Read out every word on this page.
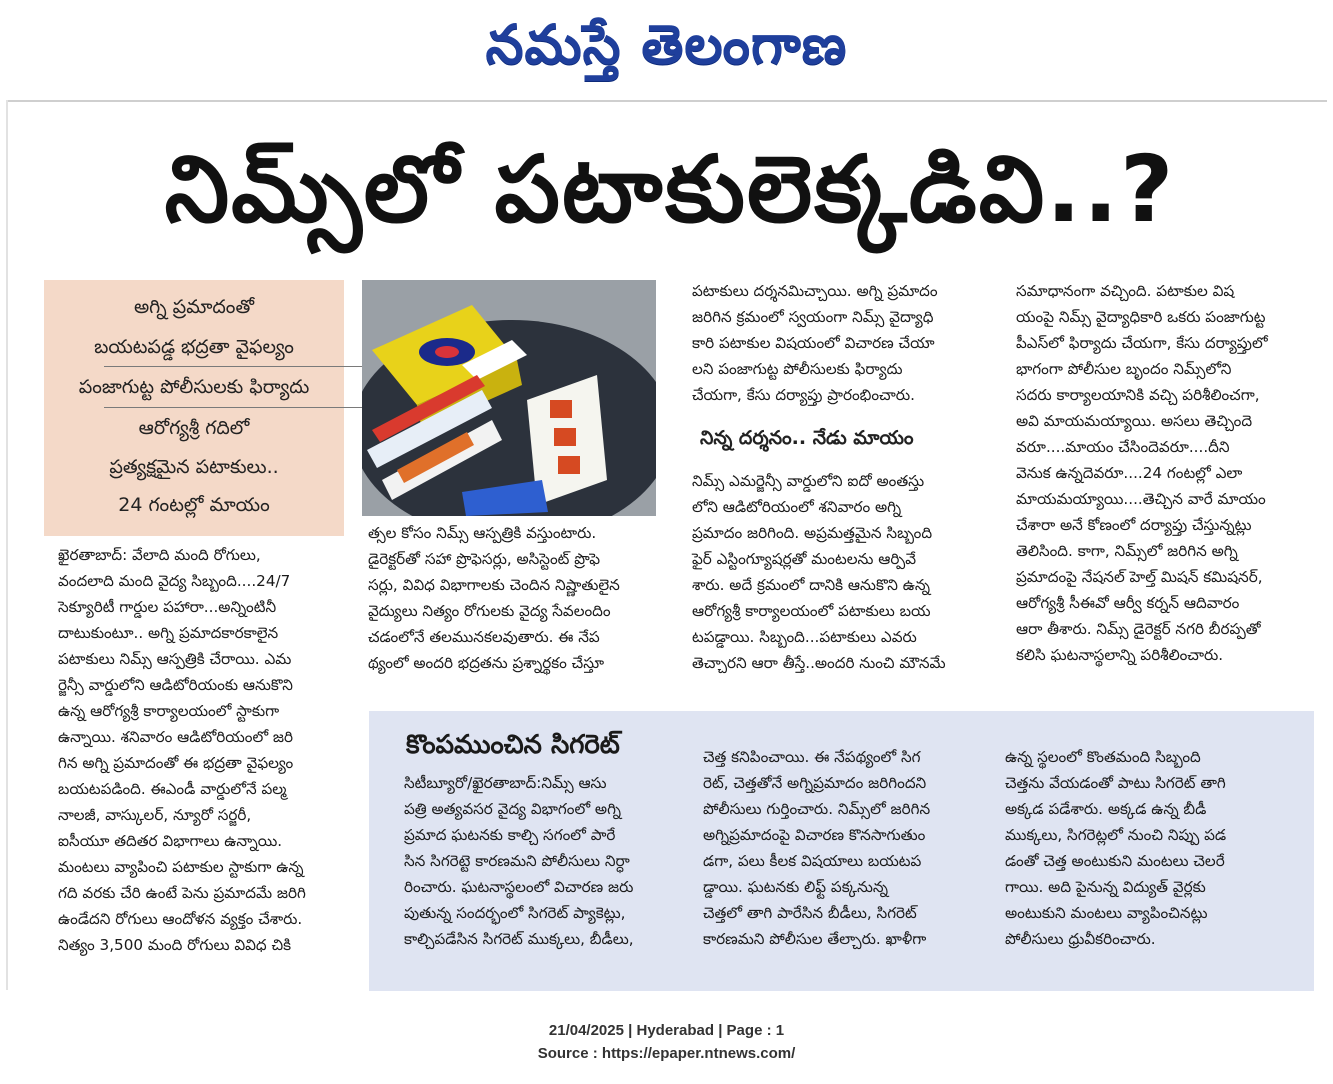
నమస్తే తెలంగాణ
నిమ్స్‌లో పటాకులెక్కడివి..?
అగ్ని ప్రమాదంతో
బయటపడ్డ భద్రతా వైఫల్యం
పంజాగుట్ట పోలీసులకు ఫిర్యాదు
ఆరోగ్యశ్రీ గదిలో
ప్రత్యక్షమైన పటాకులు..
24 గంటల్లో మాయం
ఖైరతాబాద్: వేలాది మంది రోగులు,
వందలాది మంది వైద్య సిబ్బంది....24/7
సెక్యూరిటీ గార్డుల పహారా...అన్నింటినీ
దాటుకుంటూ.. అగ్ని ప్రమాదకారకాలైన
పటాకులు నిమ్స్ ఆస్పత్రికి చేరాయి. ఎమ
ర్జెన్సీ వార్డులోని ఆడిటోరియంకు ఆనుకొని
ఉన్న ఆరోగ్యశ్రీ కార్యాలయంలో స్టాకుగా
ఉన్నాయి. శనివారం ఆడిటోరియంలో జరి
గిన అగ్ని ప్రమాదంతో ఈ భద్రతా వైఫల్యం
బయటపడింది. ఈఎండీ వార్డులోనే పల్మ
నాలజీ, వాస్కులర్, న్యూరో సర్జరీ,
ఐసీయూ తదితర విభాగాలు ఉన్నాయి.
మంటలు వ్యాపించి పటాకుల స్టాకుగా ఉన్న
గది వరకు చేరి ఉంటే పెను ప్రమాదమే జరిగి
ఉండేదని రోగులు ఆందోళన వ్యక్తం చేశారు.
నిత్యం 3,500 మంది రోగులు వివిధ చికి
త్సల కోసం నిమ్స్ ఆస్పత్రికి వస్తుంటారు.
డైరెక్టర్‌తో సహా ప్రొఫెసర్లు, అసిస్టెంట్ ప్రొఫె
సర్లు, వివిధ విభాగాలకు చెందిన నిష్ణాతులైన
వైద్యులు నిత్యం రోగులకు వైద్య సేవలందిం
చడంలోనే తలమునకలవుతారు. ఈ నేప
థ్యంలో అందరి భద్రతను ప్రశ్నార్థకం చేస్తూ
పటాకులు దర్శనమిచ్చాయి. అగ్ని ప్రమాదం
జరిగిన క్రమంలో స్వయంగా నిమ్స్ వైద్యాధి
కారి పటాకుల విషయంలో విచారణ చేయా
లని పంజాగుట్ట పోలీసులకు ఫిర్యాదు
చేయగా, కేసు దర్యాప్తు ప్రారంభించారు.
నిన్న దర్శనం.. నేడు మాయం
నిమ్స్ ఎమర్జెన్సీ వార్డులోని ఐదో అంతస్తు
లోని ఆడిటోరియంలో శనివారం అగ్ని
ప్రమాదం జరిగింది. అప్రమత్తమైన సిబ్బంది
ఫైర్ ఎస్టింగ్యూషర్లతో మంటలను ఆర్పివే
శారు. అదే క్రమంలో దానికి ఆనుకొని ఉన్న
ఆరోగ్యశ్రీ కార్యాలయంలో పటాకులు బయ
టపడ్డాయి. సిబ్బంది...పటాకులు ఎవరు
తెచ్చారని ఆరా తీస్తే..అందరి నుంచి మౌనమే
సమాధానంగా వచ్చింది. పటాకుల విష
యంపై నిమ్స్ వైద్యాధికారి ఒకరు పంజాగుట్ట
పీఎస్‌లో ఫిర్యాదు చేయగా, కేసు దర్యాప్తులో
భాగంగా పోలీసుల బృందం నిమ్స్‌లోని
సదరు కార్యాలయానికి వచ్చి పరిశీలించగా,
అవి మాయమయ్యాయి. అసలు తెచ్చిందె
వరూ....మాయం చేసిందెవరూ....దీని
వెనుక ఉన్నదెవరూ....24 గంటల్లో ఎలా
మాయమయ్యాయి....తెచ్చిన వారే మాయం
చేశారా అనే కోణంలో దర్యాప్తు చేస్తున్నట్లు
తెలిసింది. కాగా, నిమ్స్‌లో జరిగిన అగ్ని
ప్రమాదంపై నేషనల్ హెల్త్ మిషన్ కమిషనర్,
ఆరోగ్యశ్రీ సీఈవో ఆర్వీ కర్నన్ ఆదివారం
ఆరా తీశారు. నిమ్స్ డైరెక్టర్ నగరి బీరప్పతో
కలిసి ఘటనాస్థలాన్ని పరిశీలించారు.
కొంపముంచిన సిగరెట్
సిటీబ్యూరో/ఖైరతాబాద్:నిమ్స్ ఆసు
పత్రి అత్యవసర వైద్య విభాగంలో అగ్ని
ప్రమాద ఘటనకు కాల్చి సగంలో పారే
సిన సిగరెట్టె కారణమని పోలీసులు నిర్ధా
రించారు. ఘటనాస్థలంలో విచారణ జరు
పుతున్న సందర్భంలో సిగరెట్ ప్యాకెట్లు,
కాల్చిపడేసిన సిగరెట్ ముక్కలు, బీడీలు,
చెత్త కనిపించాయి. ఈ నేపథ్యంలో సిగ
రెట్, చెత్తతోనే అగ్నిప్రమాదం జరిగిందని
పోలీసులు గుర్తించారు. నిమ్స్‌లో జరిగిన
అగ్నిప్రమాదంపై విచారణ కొనసాగుతుం
డగా, పలు కీలక విషయాలు బయటప
డ్డాయి. ఘటనకు లిఫ్ట్ పక్కనున్న
చెత్తలో తాగి పారేసిన బీడీలు, సిగరెట్
కారణమని పోలీసుల తేల్చారు. ఖాళీగా
ఉన్న స్థలంలో కొంతమంది సిబ్బంది
చెత్తను వేయడంతో పాటు సిగరెట్ తాగి
అక్కడ పడేశారు. అక్కడ ఉన్న బీడీ
ముక్కలు, సిగరెట్లలో నుంచి నిప్పు పడ
డంతో చెత్త అంటుకుని మంటలు చెలరే
గాయి. అది పైనున్న విద్యుత్ వైర్లకు
అంటుకుని మంటలు వ్యాపించినట్లు
పోలీసులు ధ్రువీకరించారు.
21/04/2025 | Hyderabad | Page : 1
Source : https://epaper.ntnews.com/
